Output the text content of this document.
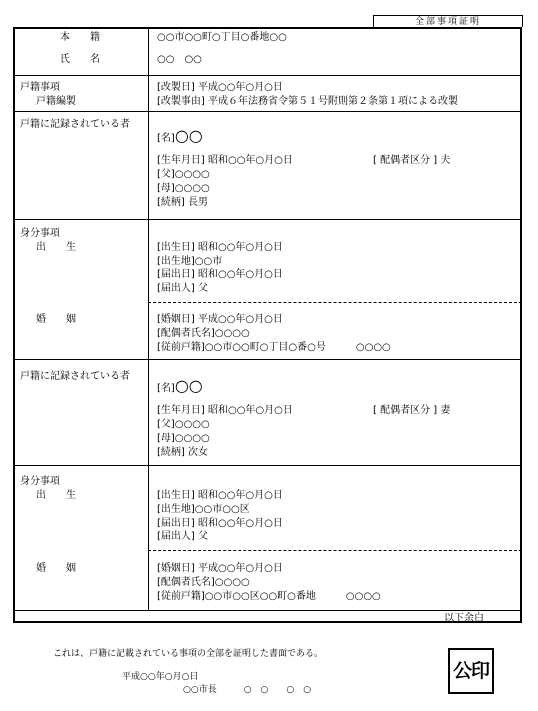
全部事項証明
本　　籍	○○市○○町○丁目○番地○○
氏　　名	○○　○○
戸籍事項
戸籍編製
[改製日] 平成○○年○月○日
[改製事由] 平成６年法務省令第５１号附則第２条第１項による改製
戸籍に記録されている者
[名]○○
[生年月日] 昭和○○年○月○日	[ 配偶者区分 ] 夫
[父]○○○○
[母]○○○○
[続柄] 長男
身分事項
出　　生	[出生日] 昭和○○年○月○日
[出生地]○○市
[届出日] 昭和○○年○月○日
[届出人] 父
婚　　姻	[婚姻日] 平成○○年○月○日
[配偶者氏名]○○○○
[従前戸籍]○○市○○町○丁目○番○号　　　○○○○
戸籍に記録されている者
[名]○○
[生年月日] 昭和○○年○月○日	[ 配偶者区分 ] 妻
[父]○○○○
[母]○○○○
[続柄] 次女
身分事項
出　　生	[出生日] 昭和○○年○月○日
[出生地]○○市○○区
[届出日] 昭和○○年○月○日
[届出人] 父
婚　　姻	[婚姻日] 平成○○年○月○日
[配偶者氏名]○○○○
[従前戸籍]○○市○○区○○町○番地　　　○○○○
以下余白
これは、戸籍に記載されている事項の全部を証明した書面である。
平成○○年○月○日
○○市長　　　○　○　　○　○
公印
